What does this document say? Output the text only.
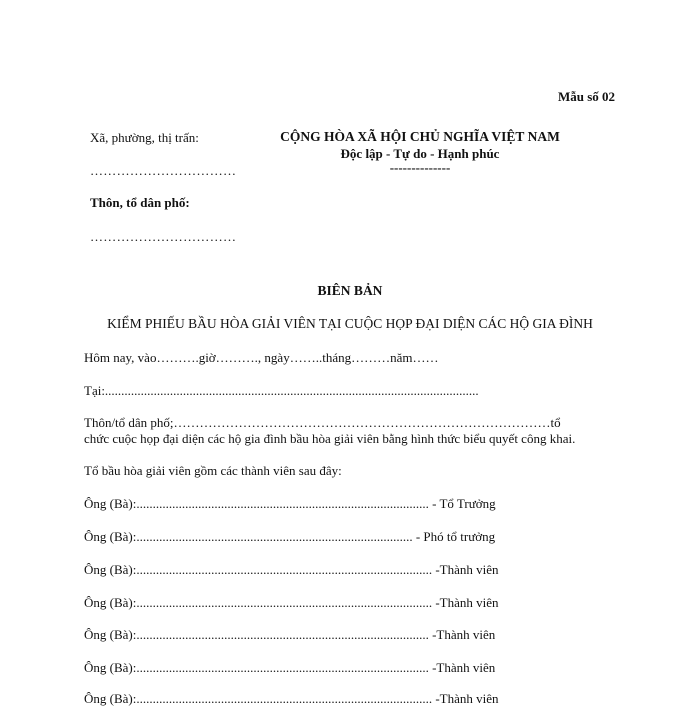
Mẫu số 02
Xã, phường, thị trấn:
……………………………
Thôn, tổ dân phố:
……………………………
CỘNG HÒA XÃ HỘI CHỦ NGHĨA VIỆT NAM
Độc lập - Tự do - Hạnh phúc
--------------
BIÊN BẢN
KIỂM PHIẾU BẦU HÒA GIẢI VIÊN TẠI CUỘC HỌP ĐẠI DIỆN CÁC HỘ GIA ĐÌNH
Hôm nay, vào……….giờ………., ngày……..tháng………năm……
Tại:...................................................................................................................
Thôn/tổ dân phố;……………………………………………………………………………tổ
chức cuộc họp đại diện các hộ gia đình bầu hòa giải viên bằng hình thức biểu quyết công khai.
Tổ bầu hòa giải viên gồm các thành viên sau đây:
Ông (Bà):.......................................................................................... - Tổ Trưởng
Ông (Bà):..................................................................................... - Phó tổ trưởng
Ông (Bà):........................................................................................... -Thành viên
Ông (Bà):........................................................................................... -Thành viên
Ông (Bà):.......................................................................................... -Thành viên
Ông (Bà):.......................................................................................... -Thành viên
Ông (Bà):........................................................................................... -Thành viên
